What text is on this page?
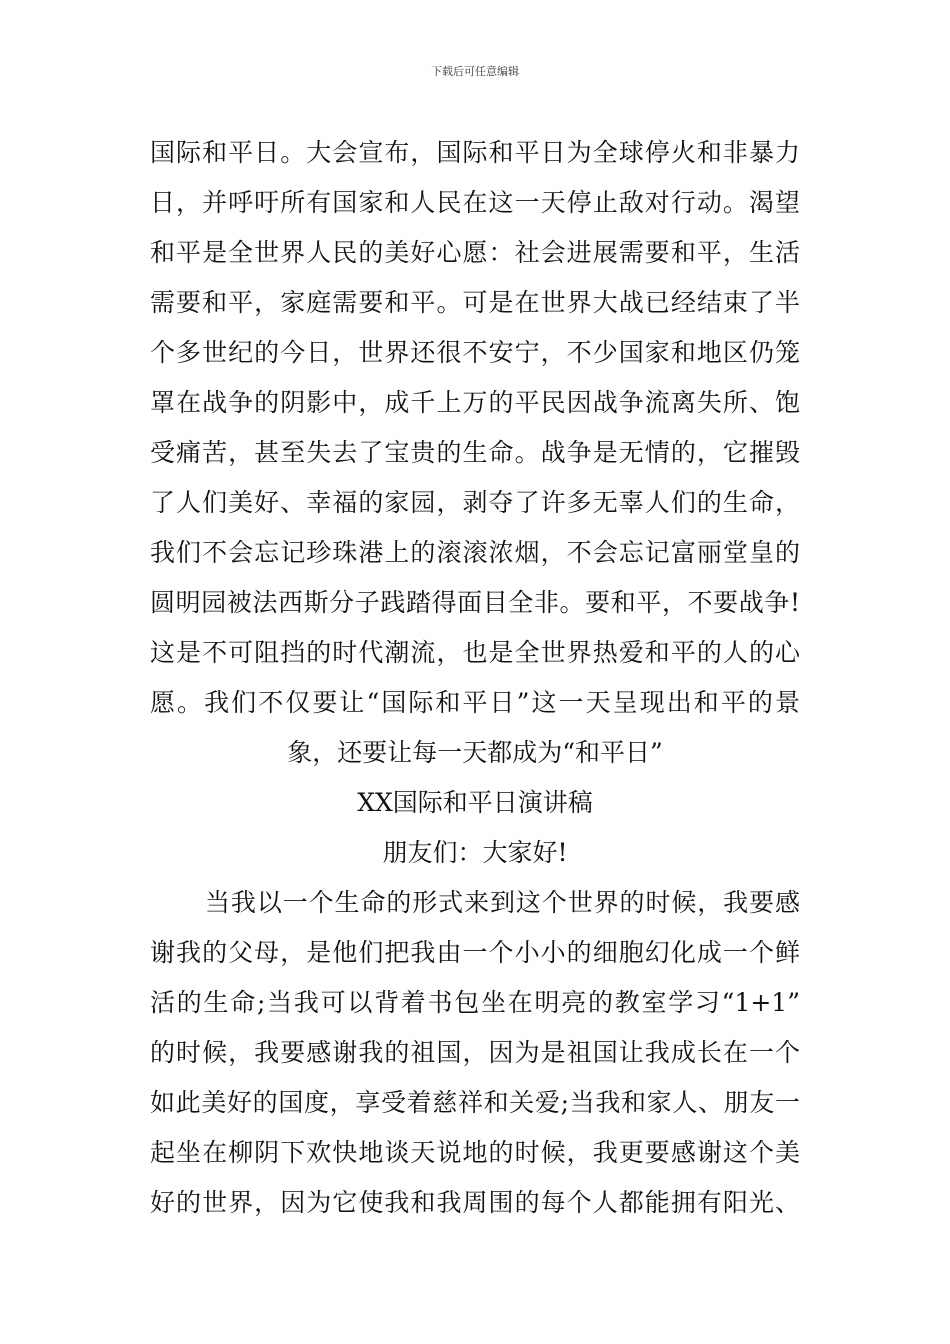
下载后可任意编辑
国际和平日。大会宣布，国际和平日为全球停火和非暴力
日，并呼吁所有国家和人民在这一天停止敌对行动。渴望
和平是全世界人民的美好心愿：社会进展需要和平，生活
需要和平，家庭需要和平。可是在世界大战已经结束了半
个多世纪的今日，世界还很不安宁，不少国家和地区仍笼
罩在战争的阴影中，成千上万的平民因战争流离失所、饱
受痛苦，甚至失去了宝贵的生命。战争是无情的，它摧毁
了人们美好、幸福的家园，剥夺了许多无辜人们的生命，
我们不会忘记珍珠港上的滚滚浓烟，不会忘记富丽堂皇的
圆明园被法西斯分子践踏得面目全非。要和平，不要战争!
这是不可阻挡的时代潮流，也是全世界热爱和平的人的心
愿。我们不仅要让“国际和平日”这一天呈现出和平的景
象，还要让每一天都成为“和平日”
XX国际和平日演讲稿
朋友们：大家好!
当我以一个生命的形式来到这个世界的时候，我要感
谢我的父母，是他们把我由一个小小的细胞幻化成一个鲜
活的生命;当我可以背着书包坐在明亮的教室学习“1+1”
的时候，我要感谢我的祖国，因为是祖国让我成长在一个
如此美好的国度，享受着慈祥和关爱;当我和家人、朋友一
起坐在柳阴下欢快地谈天说地的时候，我更要感谢这个美
好的世界，因为它使我和我周围的每个人都能拥有阳光、
